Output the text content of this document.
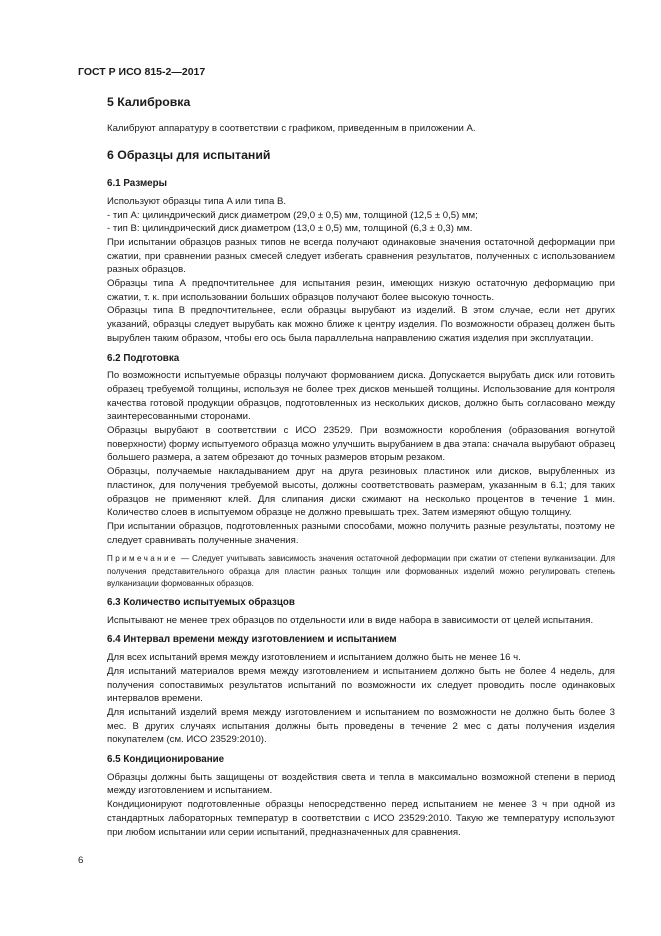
ГОСТ Р ИСО 815-2—2017
5 Калибровка

Калибруют аппаратуру в соответствии с графиком, приведенным в приложении А.

6 Образцы для испытаний
6.1 Размеры

Используют образцы типа A или типа B.

- тип А: цилиндрический диск диаметром (29,0 ± 0,5) мм, толщиной (12,5 ± 0,5) мм;

- тип B: цилиндрический диск диаметром (13,0 ± 0,5) мм, толщиной (6,3 ± 0,3) мм.

При испытании образцов разных типов не всегда получают одинаковые значения остаточной деформации при сжатии, при сравнении разных смесей следует избегать сравнения результатов, полученных с использованием разных образцов.

Образцы типа А предпочтительнее для испытания резин, имеющих низкую остаточную деформацию при сжатии, т. к. при использовании больших образцов получают более высокую точность.

Образцы типа В предпочтительнее, если образцы вырубают из изделий. В этом случае, если нет других указаний, образцы следует вырубать как можно ближе к центру изделия. По возможности образец должен быть вырублен таким образом, чтобы его ось была параллельна направлению сжатия изделия при эксплуатации.

6.2 Подготовка

По возможности испытуемые образцы получают формованием диска. Допускается вырубать диск или готовить образец требуемой толщины, используя не более трех дисков меньшей толщины. Использование для контроля качества готовой продукции образцов, подготовленных из нескольких дисков, должно быть согласовано между заинтересованными сторонами.

Образцы вырубают в соответствии с ИСО 23529. При возможности коробления (образования вогнутой поверхности) форму испытуемого образца можно улучшить вырубанием в два этапа: сначала вырубают образец большего размера, а затем обрезают до точных размеров вторым резаком.

Образцы, получаемые накладыванием друг на друга резиновых пластинок или дисков, вырубленных из пластинок, для получения требуемой высоты, должны соответствовать размерам, указанным в 6.1; для таких образцов не применяют клей. Для слипания диски сжимают на несколько процентов в течение 1 мин. Количество слоев в испытуемом образце не должно превышать трех. Затем измеряют общую толщину.

При испытании образцов, подготовленных разными способами, можно получить разные результаты, поэтому не следует сравнивать полученные значения.

Примечание — Следует учитывать зависимость значения остаточной деформации при сжатии от степени вулканизации. Для получения представительного образца для пластин разных толщин или формованных изделий можно регулировать степень вулканизации формованных образцов.
6.3 Количество испытуемых образцов

Испытывают не менее трех образцов по отдельности или в виде набора в зависимости от целей испытания.

6.4 Интервал времени между изготовлением и испытанием

Для всех испытаний время между изготовлением и испытанием должно быть не менее 16 ч.

Для испытаний материалов время между изготовлением и испытанием должно быть не более 4 недель, для получения сопоставимых результатов испытаний по возможности их следует проводить после одинаковых интервалов времени.

Для испытаний изделий время между изготовлением и испытанием по возможности не должно быть более 3 мес. В других случаях испытания должны быть проведены в течение 2 мес с даты получения изделия покупателем (см. ИСО 23529:2010).

6.5 Кондиционирование

Образцы должны быть защищены от воздействия света и тепла в максимально возможной степени в период между изготовлением и испытанием.

Кондиционируют подготовленные образцы непосредственно перед испытанием не менее 3 ч при одной из стандартных лабораторных температур в соответствии с ИСО 23529:2010. Такую же температуру используют при любом испытании или серии испытаний, предназначенных для сравнения.

6
